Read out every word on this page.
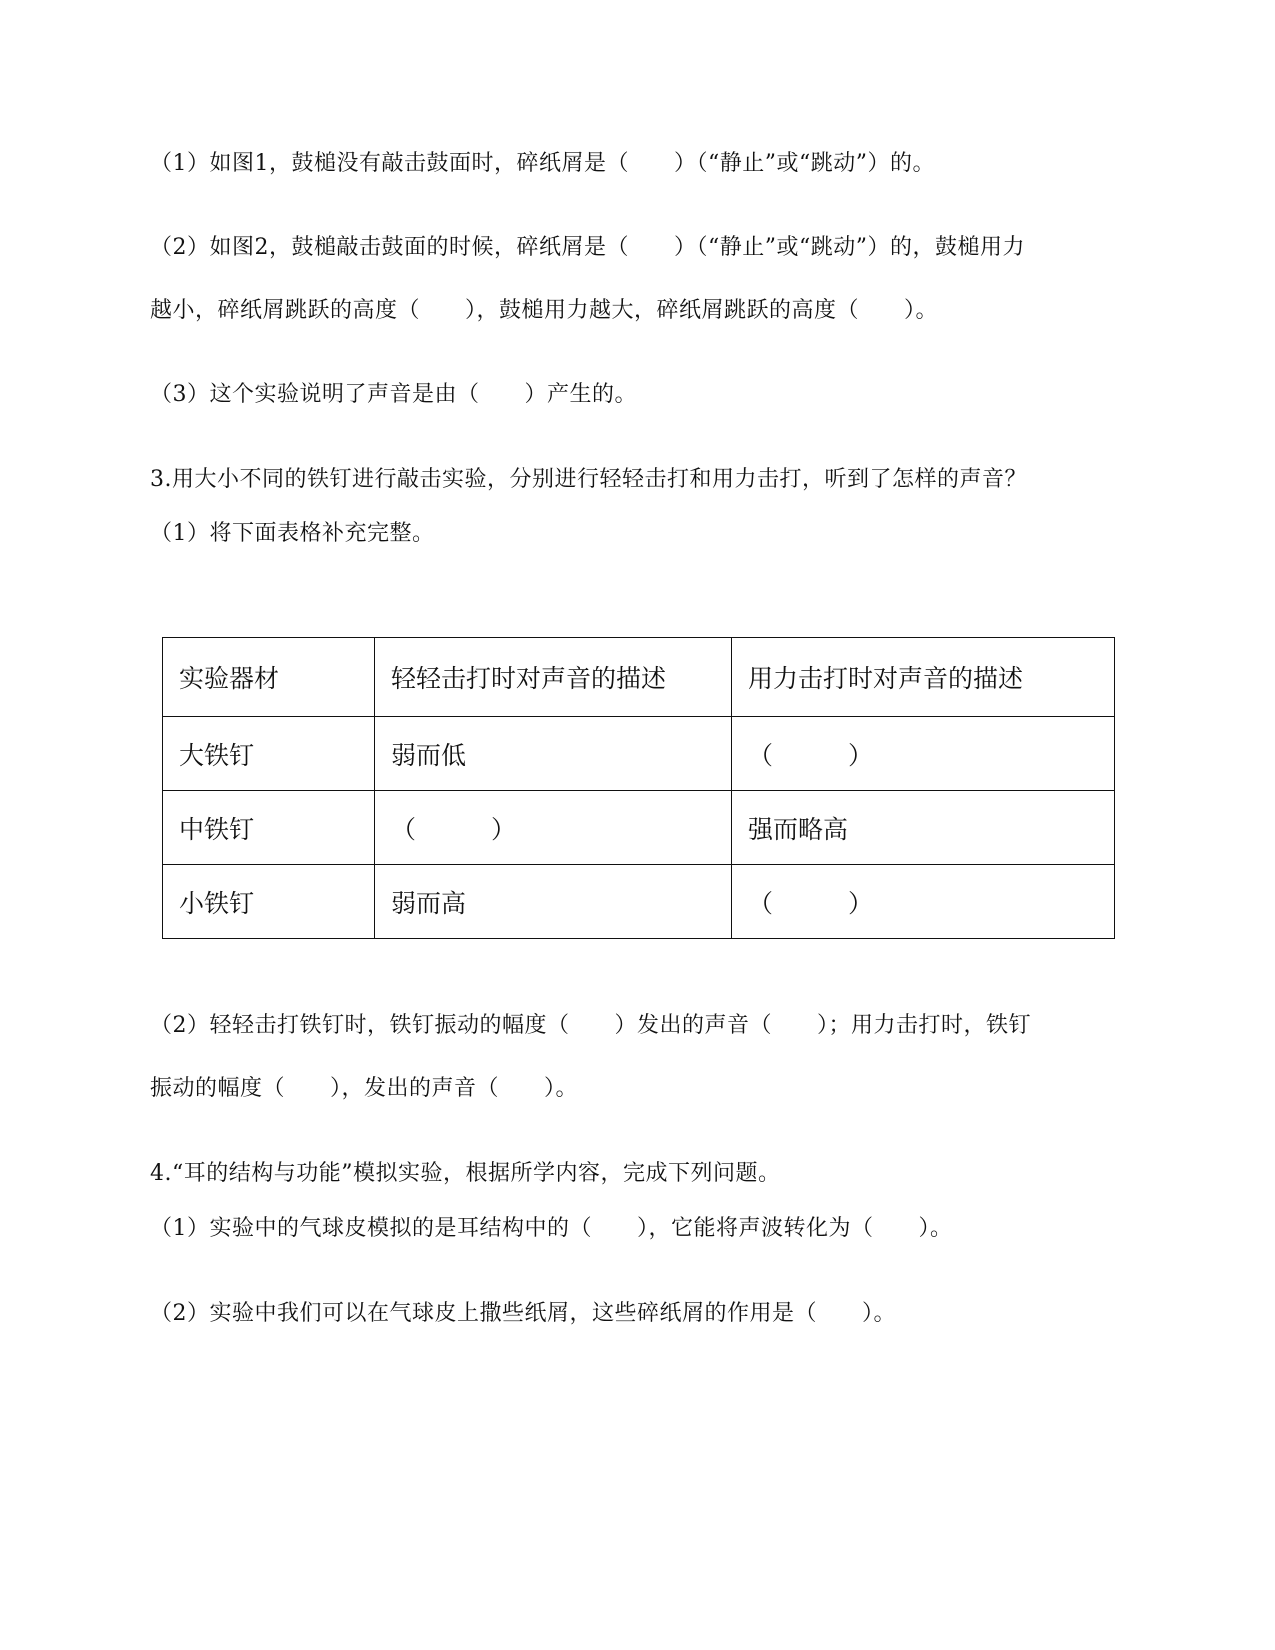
（1）如图1，鼓槌没有敲击鼓面时，碎纸屑是（　　）（“静止”或“跳动”）的。
（2）如图2，鼓槌敲击鼓面的时候，碎纸屑是（　　）（“静止”或“跳动”）的，鼓槌用力
越小，碎纸屑跳跃的高度（　　），鼓槌用力越大，碎纸屑跳跃的高度（　　）。
（3）这个实验说明了声音是由（　　）产生的。
3.用大小不同的铁钉进行敲击实验，分别进行轻轻击打和用力击打，听到了怎样的声音？
（1）将下面表格补充完整。
实验器材	轻轻击打时对声音的描述	用力击打时对声音的描述
大铁钉	弱而低	（　　　）
中铁钉	（　　　）	强而略高
小铁钉	弱而高	（　　　）
（2）轻轻击打铁钉时，铁钉振动的幅度（　　）发出的声音（　　）；用力击打时，铁钉
振动的幅度（　　），发出的声音（　　）。
4.“耳的结构与功能”模拟实验，根据所学内容，完成下列问题。
（1）实验中的气球皮模拟的是耳结构中的（　　），它能将声波转化为（　　）。
（2）实验中我们可以在气球皮上撒些纸屑，这些碎纸屑的作用是（　　）。
